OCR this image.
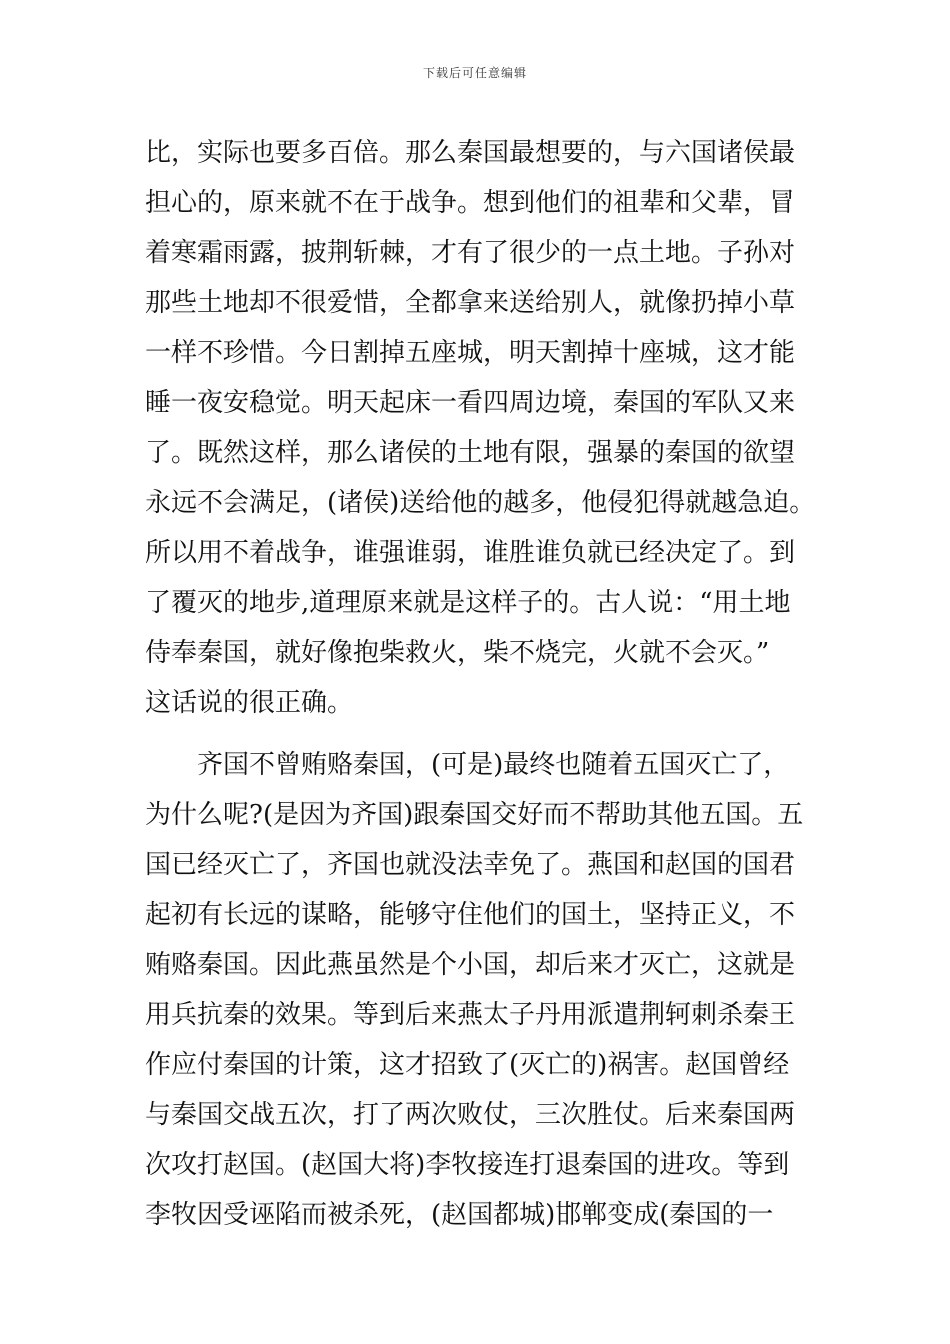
下载后可任意编辑
比，实际也要多百倍。那么秦国最想要的，与六国诸侯最
担心的，原来就不在于战争。想到他们的祖辈和父辈，冒
着寒霜雨露，披荆斩棘，才有了很少的一点土地。子孙对
那些土地却不很爱惜，全都拿来送给别人，就像扔掉小草
一样不珍惜。今日割掉五座城，明天割掉十座城，这才能
睡一夜安稳觉。明天起床一看四周边境，秦国的军队又来
了。既然这样，那么诸侯的土地有限，强暴的秦国的欲望
永远不会满足，(诸侯)送给他的越多，他侵犯得就越急迫。
所以用不着战争，谁强谁弱，谁胜谁负就已经决定了。到
了覆灭的地步,道理原来就是这样子的。古人说：“用土地
侍奉秦国，就好像抱柴救火，柴不烧完，火就不会灭。”
这话说的很正确。
　　齐国不曾贿赂秦国，(可是)最终也随着五国灭亡了，
为什么呢?(是因为齐国)跟秦国交好而不帮助其他五国。五
国已经灭亡了，齐国也就没法幸免了。燕国和赵国的国君
起初有长远的谋略，能够守住他们的国土，坚持正义，不
贿赂秦国。因此燕虽然是个小国，却后来才灭亡，这就是
用兵抗秦的效果。等到后来燕太子丹用派遣荆轲刺杀秦王
作应付秦国的计策，这才招致了(灭亡的)祸害。赵国曾经
与秦国交战五次，打了两次败仗，三次胜仗。后来秦国两
次攻打赵国。(赵国大将)李牧接连打退秦国的进攻。等到
李牧因受诬陷而被杀死，(赵国都城)邯郸变成(秦国的一
